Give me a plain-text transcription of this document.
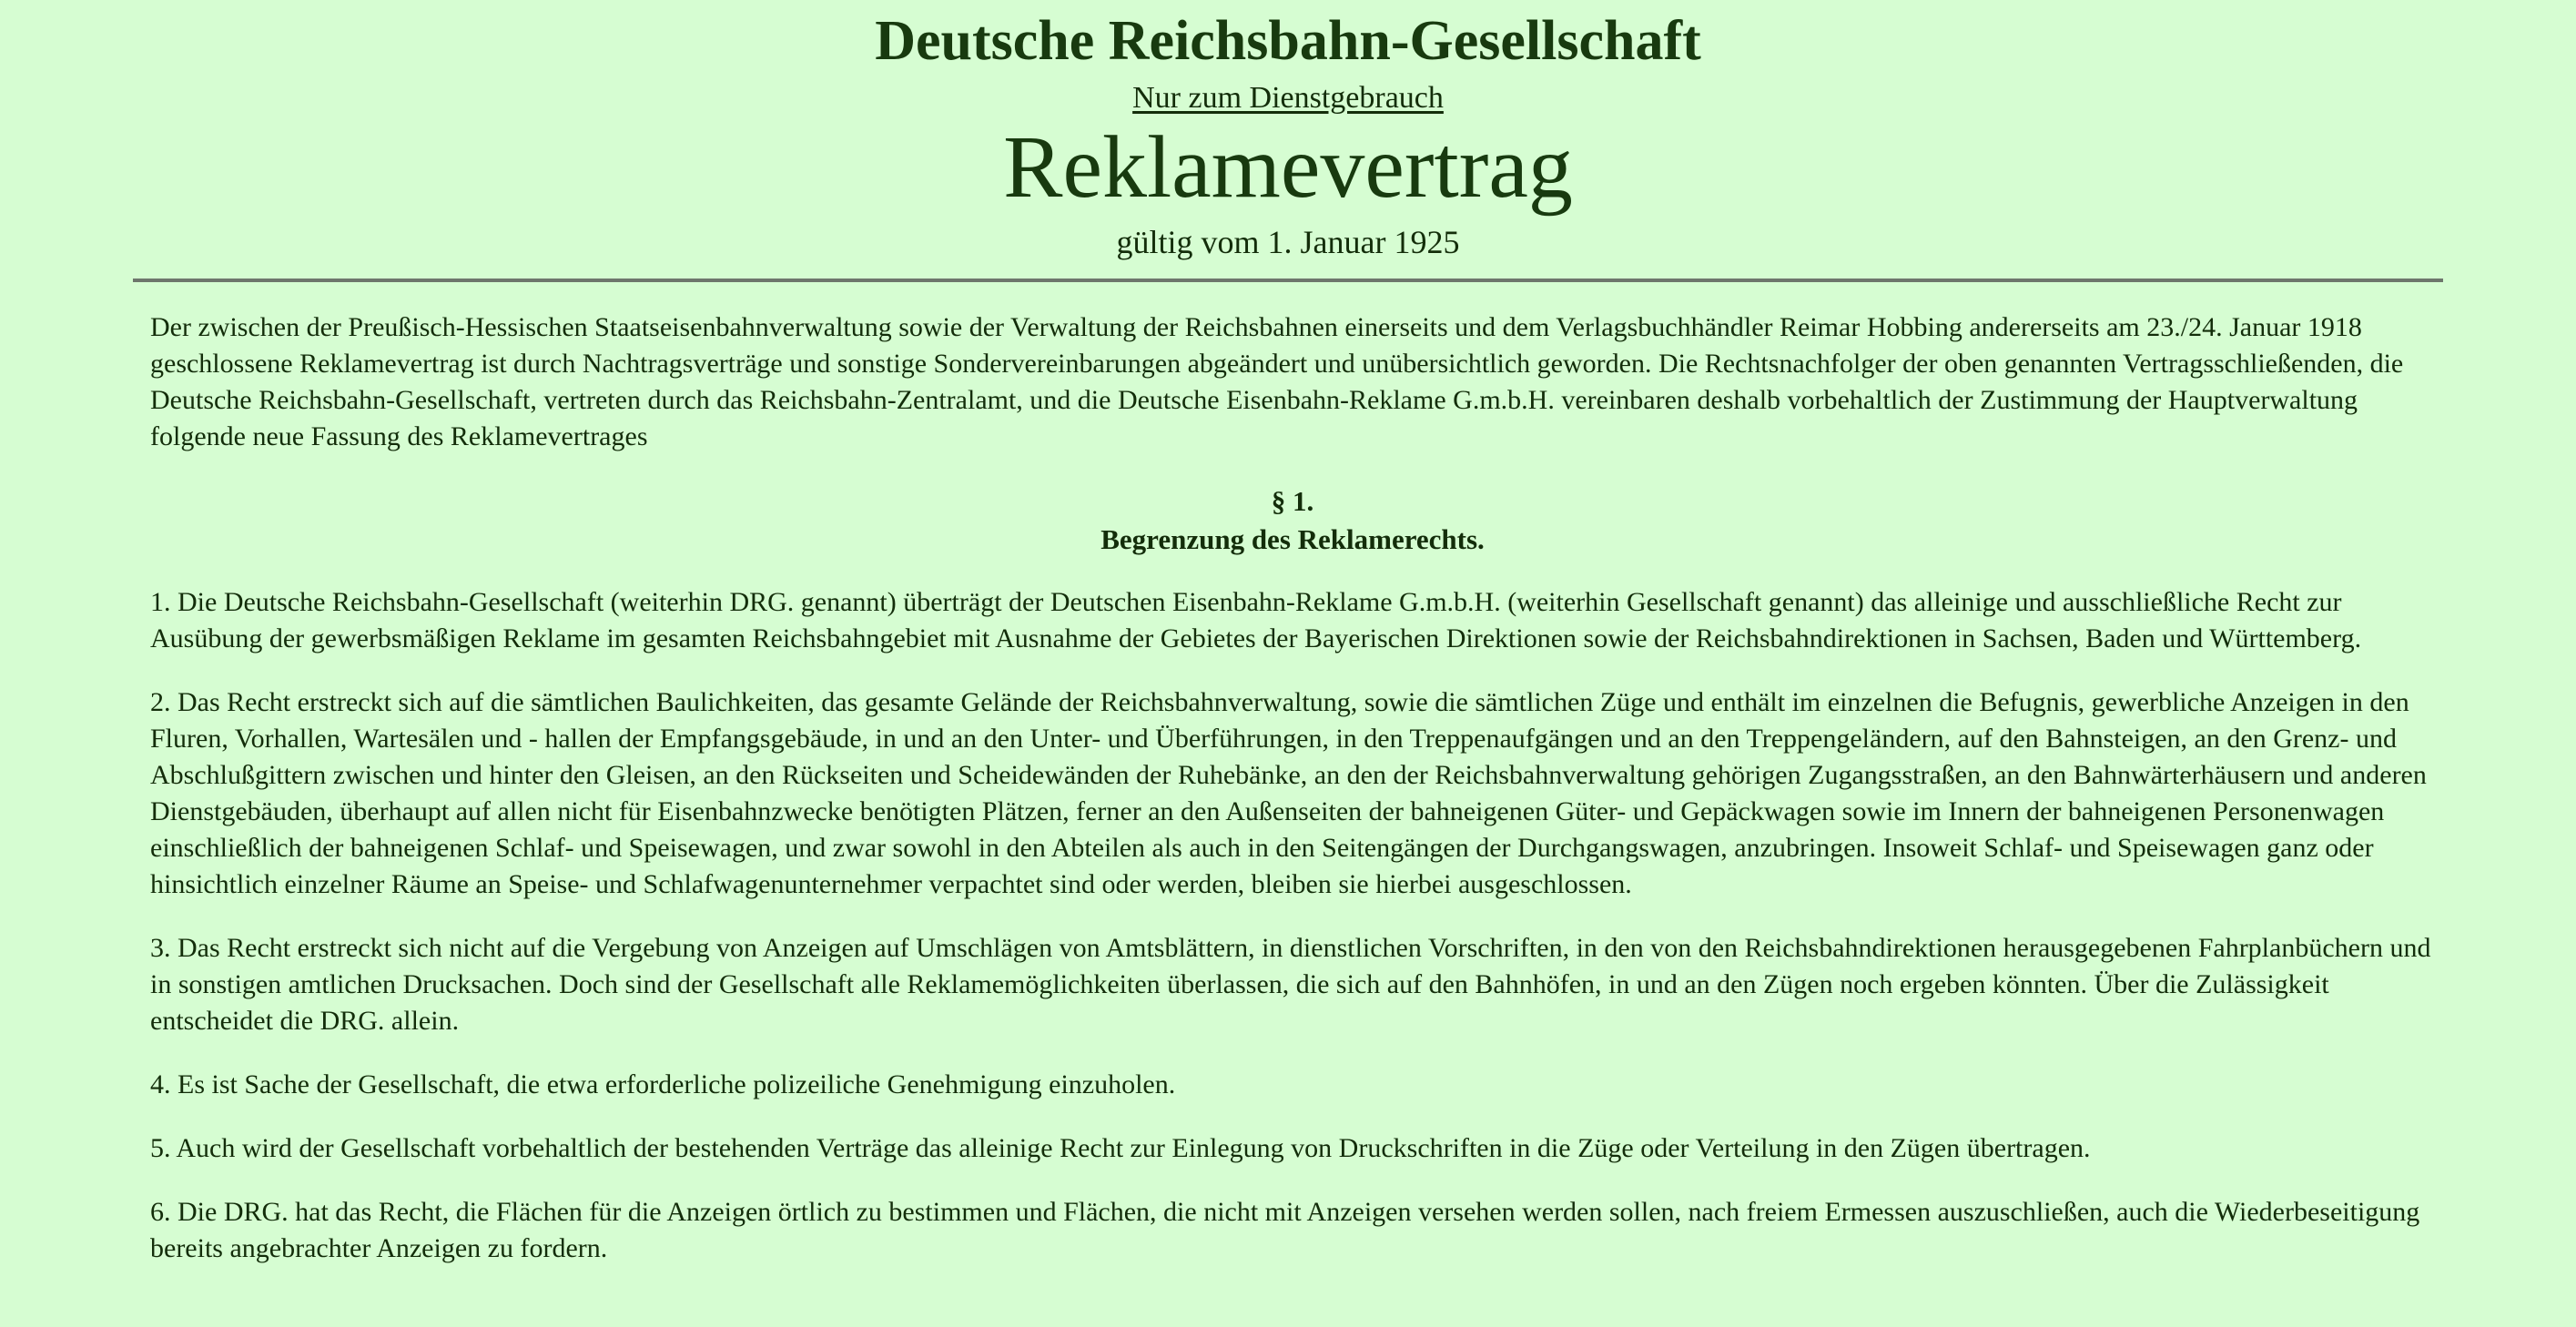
Deutsche Reichsbahn-Gesellschaft
Nur zum Dienstgebrauch
Reklamevertrag
gültig vom 1. Januar 1925

Der zwischen der Preußisch-Hessischen Staatseisenbahnverwaltung sowie der Verwaltung der Reichsbahnen einerseits und dem Verlagsbuchhändler Reimar Hobbing andererseits am 23./24. Januar 1918 geschlossene Reklamevertrag ist durch Nachtragsverträge und sonstige Sondervereinbarungen abgeändert und unübersichtlich geworden. Die Rechtsnachfolger der oben genannten Vertragsschließenden, die Deutsche Reichsbahn-Gesellschaft, vertreten durch das Reichsbahn-Zentralamt, und die Deutsche Eisenbahn-Reklame G.m.b.H. vereinbaren deshalb vorbehaltlich der Zustimmung der Hauptverwaltung folgende neue Fassung des Reklamevertrages

§ 1.
Begrenzung des Reklamerechts.

1. Die Deutsche Reichsbahn-Gesellschaft (weiterhin DRG. genannt) überträgt der Deutschen Eisenbahn-Reklame G.m.b.H. (weiterhin Gesellschaft genannt) das alleinige und ausschließliche Recht zur Ausübung der gewerbsmäßigen Reklame im gesamten Reichsbahngebiet mit Ausnahme der Gebietes der Bayerischen Direktionen sowie der Reichsbahndirektionen in Sachsen, Baden und Württemberg.

2. Das Recht erstreckt sich auf die sämtlichen Baulichkeiten, das gesamte Gelände der Reichsbahnverwaltung, sowie die sämtlichen Züge und enthält im einzelnen die Befugnis, gewerbliche Anzeigen in den Fluren, Vorhallen, Wartesälen und - hallen der Empfangsgebäude, in und an den Unter- und Überführungen, in den Treppenaufgängen und an den Treppengeländern, auf den Bahnsteigen, an den Grenz- und Abschlußgittern zwischen und hinter den Gleisen, an den Rückseiten und Scheidewänden der Ruhebänke, an den der Reichsbahnverwaltung gehörigen Zugangsstraßen, an den Bahnwärterhäusern und anderen Dienstgebäuden, überhaupt auf allen nicht für Eisenbahnzwecke benötigten Plätzen, ferner an den Außenseiten der bahneigenen Güter- und Gepäckwagen sowie im Innern der bahneigenen Personenwagen einschließlich der bahneigenen Schlaf- und Speisewagen, und zwar sowohl in den Abteilen als auch in den Seitengängen der Durchgangswagen, anzubringen. Insoweit Schlaf- und Speisewagen ganz oder hinsichtlich einzelner Räume an Speise- und Schlafwagenunternehmer verpachtet sind oder werden, bleiben sie hierbei ausgeschlossen.

3. Das Recht erstreckt sich nicht auf die Vergebung von Anzeigen auf Umschlägen von Amtsblättern, in dienstlichen Vorschriften, in den von den Reichsbahndirektionen herausgegebenen Fahrplanbüchern und in sonstigen amtlichen Drucksachen. Doch sind der Gesellschaft alle Reklamemöglichkeiten überlassen, die sich auf den Bahnhöfen, in und an den Zügen noch ergeben könnten. Über die Zulässigkeit entscheidet die DRG. allein.

4. Es ist Sache der Gesellschaft, die etwa erforderliche polizeiliche Genehmigung einzuholen.

5. Auch wird der Gesellschaft vorbehaltlich der bestehenden Verträge das alleinige Recht zur Einlegung von Druckschriften in die Züge oder Verteilung in den Zügen übertragen.

6. Die DRG. hat das Recht, die Flächen für die Anzeigen örtlich zu bestimmen und Flächen, die nicht mit Anzeigen versehen werden sollen, nach freiem Ermessen auszuschließen, auch die Wiederbeseitigung bereits angebrachter Anzeigen zu fordern.
